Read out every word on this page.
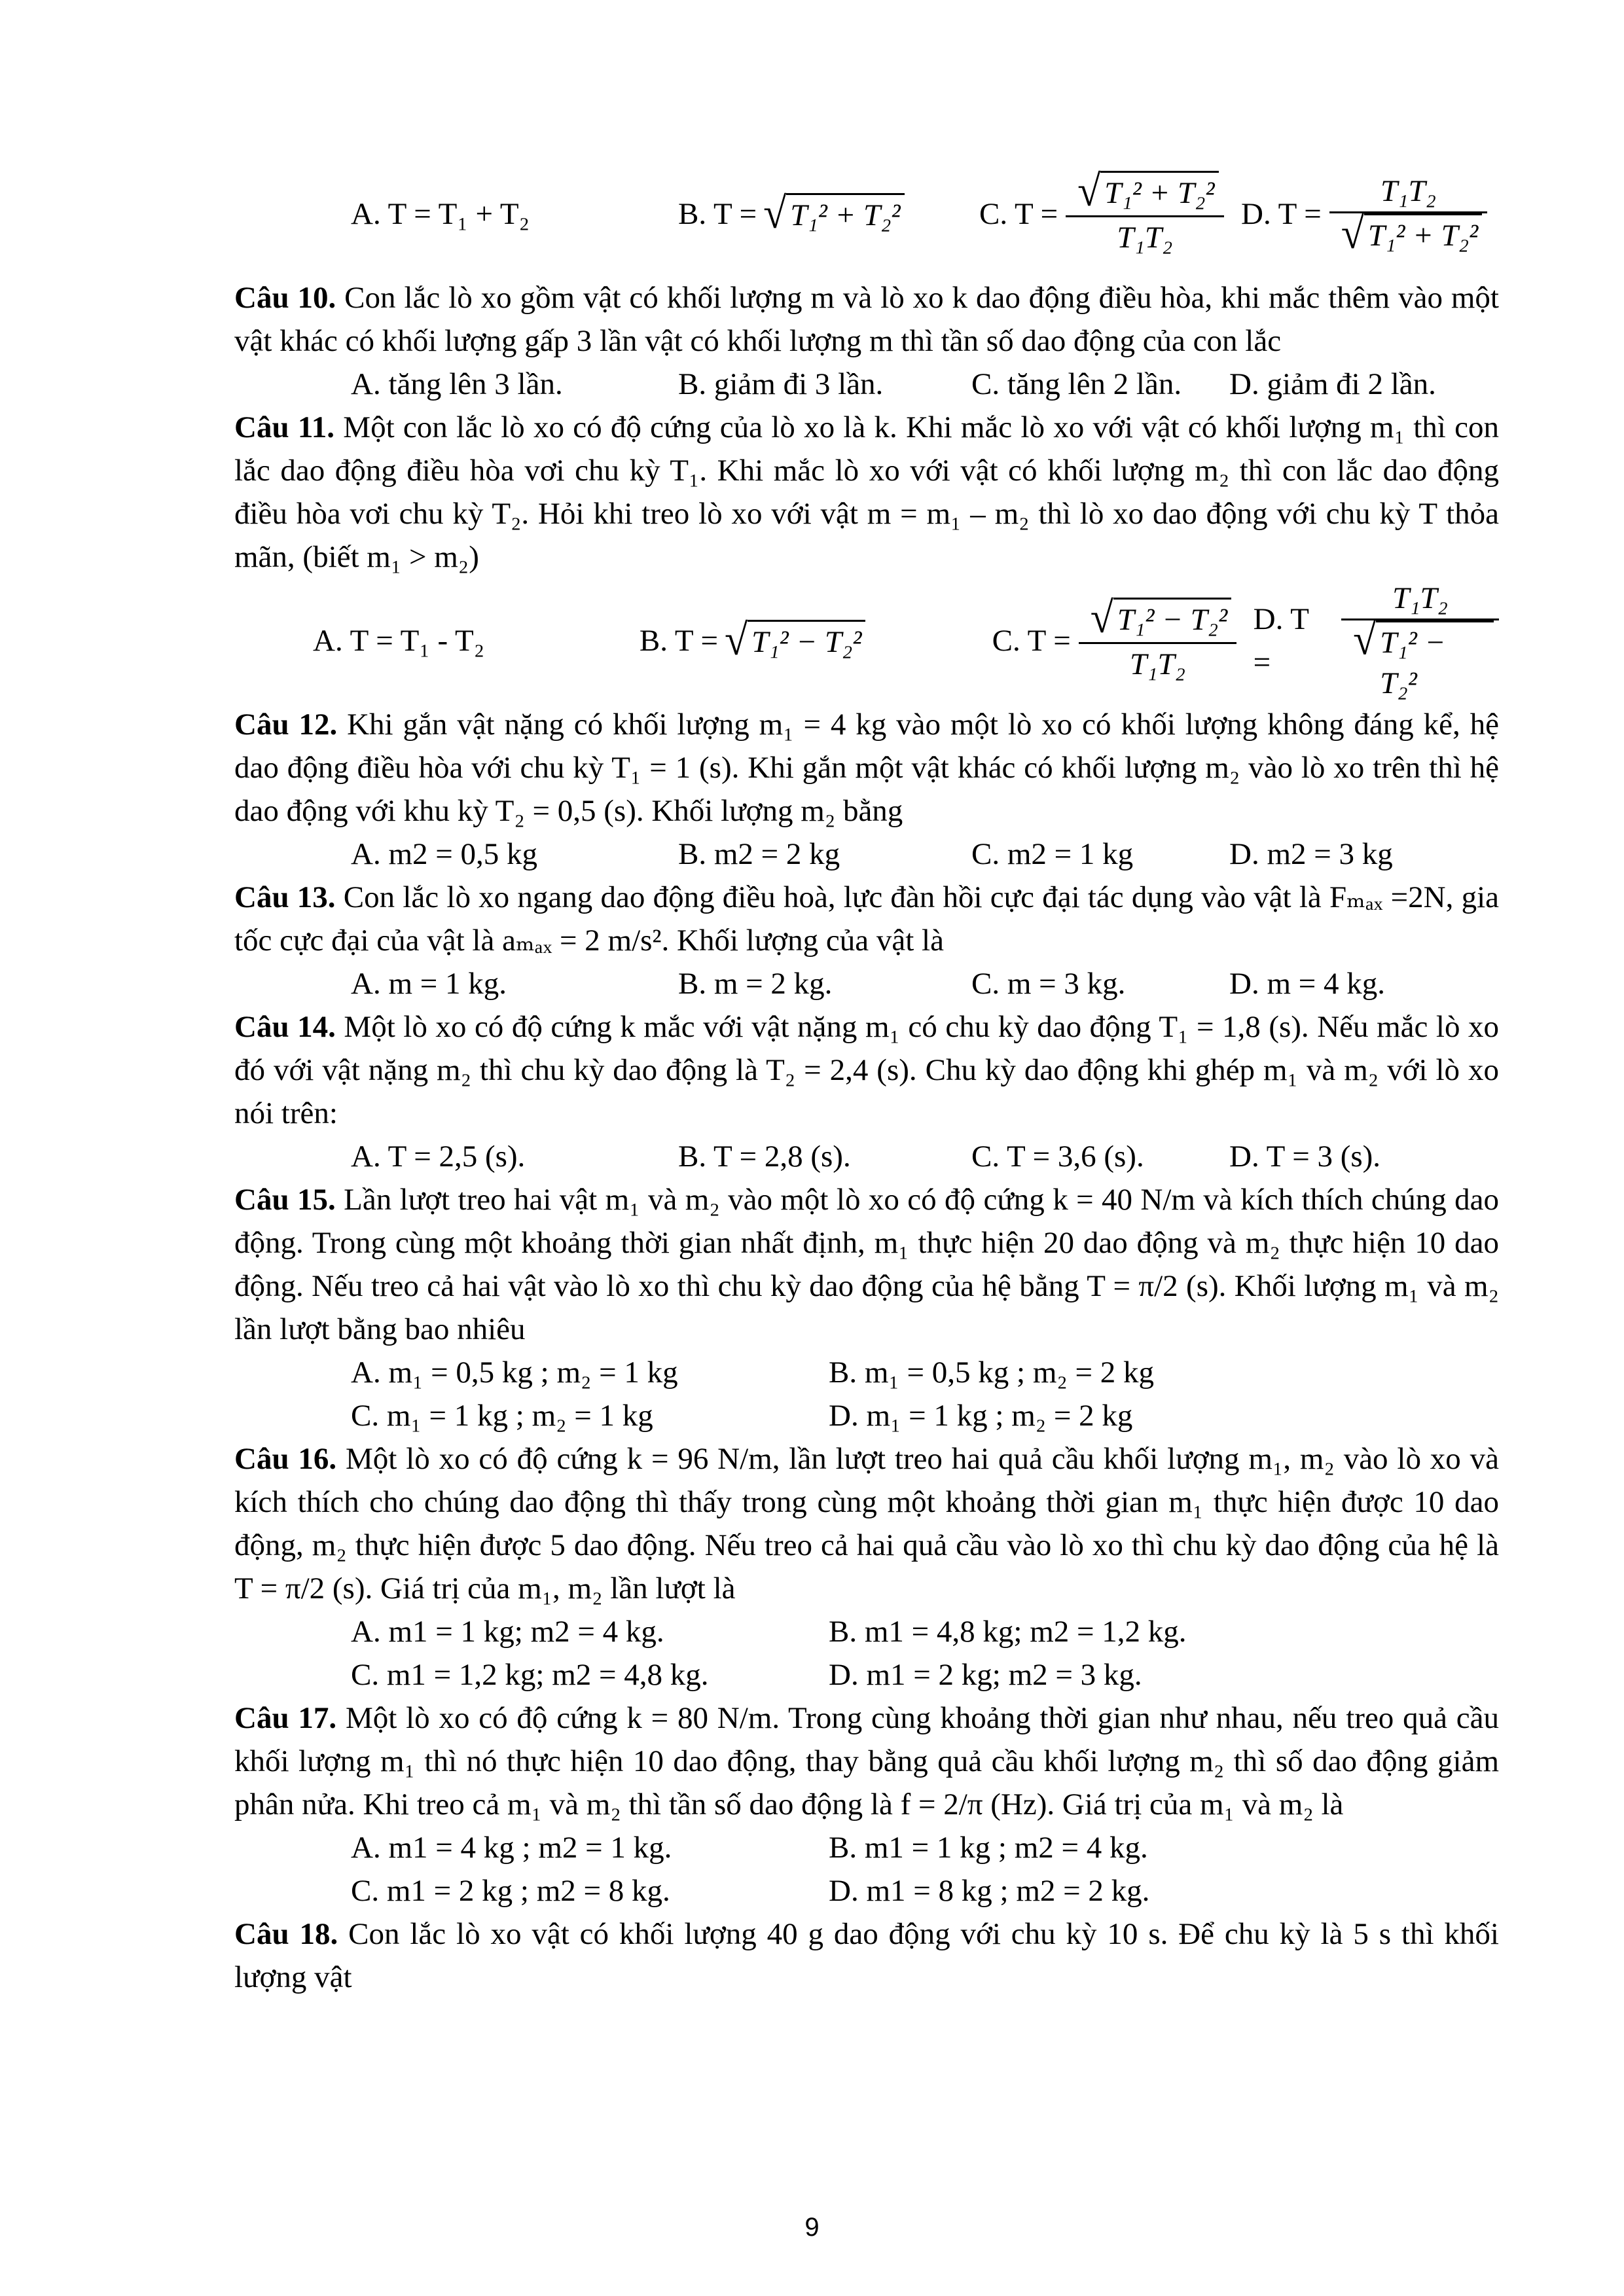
A. T = T₁ + T₂	B. T = √ T₁² + T₂²	C. $T = \frac{\text{√ T₁² + T₂²}}{\text{T₁T₂}} D$. $T = \frac{\text{T₁T₂}}{\text{√ T₁² + T₂²}}$

Câu 10. Con lắc lò xo gồm vật có khối lượng m và lò xo k dao động điều hòa, khi mắc thêm vào một vật khác có khối lượng gấp 3 lần vật có khối lượng m thì tần số dao động của con lắc

A. tăng lên 3 lần.	B. giảm đi 3 lần.	C. tăng lên 2 lần.	D. giảm đi 2 lần.

Câu 11. Một con lắc lò xo có độ cứng của lò xo là k. Khi mắc lò xo với vật có khối lượng m₁ thì con lắc dao động điều hòa vơi chu kỳ T₁. Khi mắc lò xo với vật có khối lượng m₂ thì con lắc dao động điều hòa vơi chu kỳ T₂. Hỏi khi treo lò xo với vật m = m₁ – m₂ thì lò xo dao động với chu kỳ T thỏa mãn, (biết m₁ > m₂)

A. T = T₁ - T₂	B. T = √ T₁² − T₂²	C. $T = \frac{\text{√ T₁² − T₂²}}{\text{T₁T₂}} D$. T =	$\frac{\text{T₁T₂}}{\text{√ T₁² − T₂²}}$

Câu 12. Khi gắn vật nặng có khối lượng m₁ = 4 kg vào một lò xo có khối lượng không đáng kể, hệ dao động điều hòa với chu kỳ T₁ = 1 (s). Khi gắn một vật khác có khối lượng m₂ vào lò xo trên thì hệ dao động với khu kỳ T₂ = 0,5 (s). Khối lượng m₂ bằng

A. m2 = 0,5 kg	B. m2 = 2 kg	C. m2 = 1 kg	D. m2 = 3 kg

Câu 13. Con lắc lò xo ngang dao động điều hoà, lực đàn hồi cực đại tác dụng vào vật là Fₘₐₓ =2N, gia tốc cực đại của vật là aₘₐₓ = 2 m/s². Khối lượng của vật là

A. m = 1 kg.	B. m = 2 kg.	C. m = 3 kg.	D. m = 4 kg.

Câu 14. Một lò xo có độ cứng k mắc với vật nặng m₁ có chu kỳ dao động T₁ = 1,8 (s). Nếu mắc lò xo đó với vật nặng m₂ thì chu kỳ dao động là T₂ = 2,4 (s). Chu kỳ dao động khi ghép m₁ và m₂ với lò xo nói trên:

A. T = 2,5 (s).	B. T = 2,8 (s).	C. T = 3,6 (s).	D. T = 3 (s).

Câu 15. Lần lượt treo hai vật m₁ và m₂ vào một lò xo có độ cứng k = 40 N/m và kích thích chúng dao động. Trong cùng một khoảng thời gian nhất định, m₁ thực hiện 20 dao động và m₂ thực hiện 10 dao động. Nếu treo cả hai vật vào lò xo thì chu kỳ dao động của hệ bằng T = π/2 (s). Khối lượng m₁ và m₂ lần lượt bằng bao nhiêu

A. m₁ = 0,5 kg ; m₂ = 1 kg	B. m₁ = 0,5 kg ; m₂ = 2 kg
C. m₁ = 1 kg ; m₂ = 1 kg	D. m₁ = 1 kg ; m₂ = 2 kg

Câu 16. Một lò xo có độ cứng k = 96 N/m, lần lượt treo hai quả cầu khối lượng m₁, m₂ vào lò xo và kích thích cho chúng dao động thì thấy trong cùng một khoảng thời gian m₁ thực hiện được 10 dao động, m₂ thực hiện được 5 dao động. Nếu treo cả hai quả cầu vào lò xo thì chu kỳ dao động của hệ là T = π/2 (s). Giá trị của m₁, m₂ lần lượt là

A. m1 = 1 kg; m2 = 4 kg.	B. m1 = 4,8 kg; m2 = 1,2 kg.
C. m1 = 1,2 kg; m2 = 4,8 kg.	D. m1 = 2 kg; m2 = 3 kg.

Câu 17. Một lò xo có độ cứng k = 80 N/m. Trong cùng khoảng thời gian như nhau, nếu treo quả cầu khối lượng m₁ thì nó thực hiện 10 dao động, thay bằng quả cầu khối lượng m₂ thì số dao động giảm phân nửa. Khi treo cả m₁ và m₂ thì tần số dao động là f = 2/π (Hz). Giá trị của m₁ và m₂ là

A. m1 = 4 kg ; m2 = 1 kg.	B. m1 = 1 kg ; m2 = 4 kg.
C. m1 = 2 kg ; m2 = 8 kg.	D. m1 = 8 kg ; m2 = 2 kg.

Câu 18. Con lắc lò xo vật có khối lượng 40 g dao động với chu kỳ 10 s. Để chu kỳ là 5 s thì khối lượng vật

9
